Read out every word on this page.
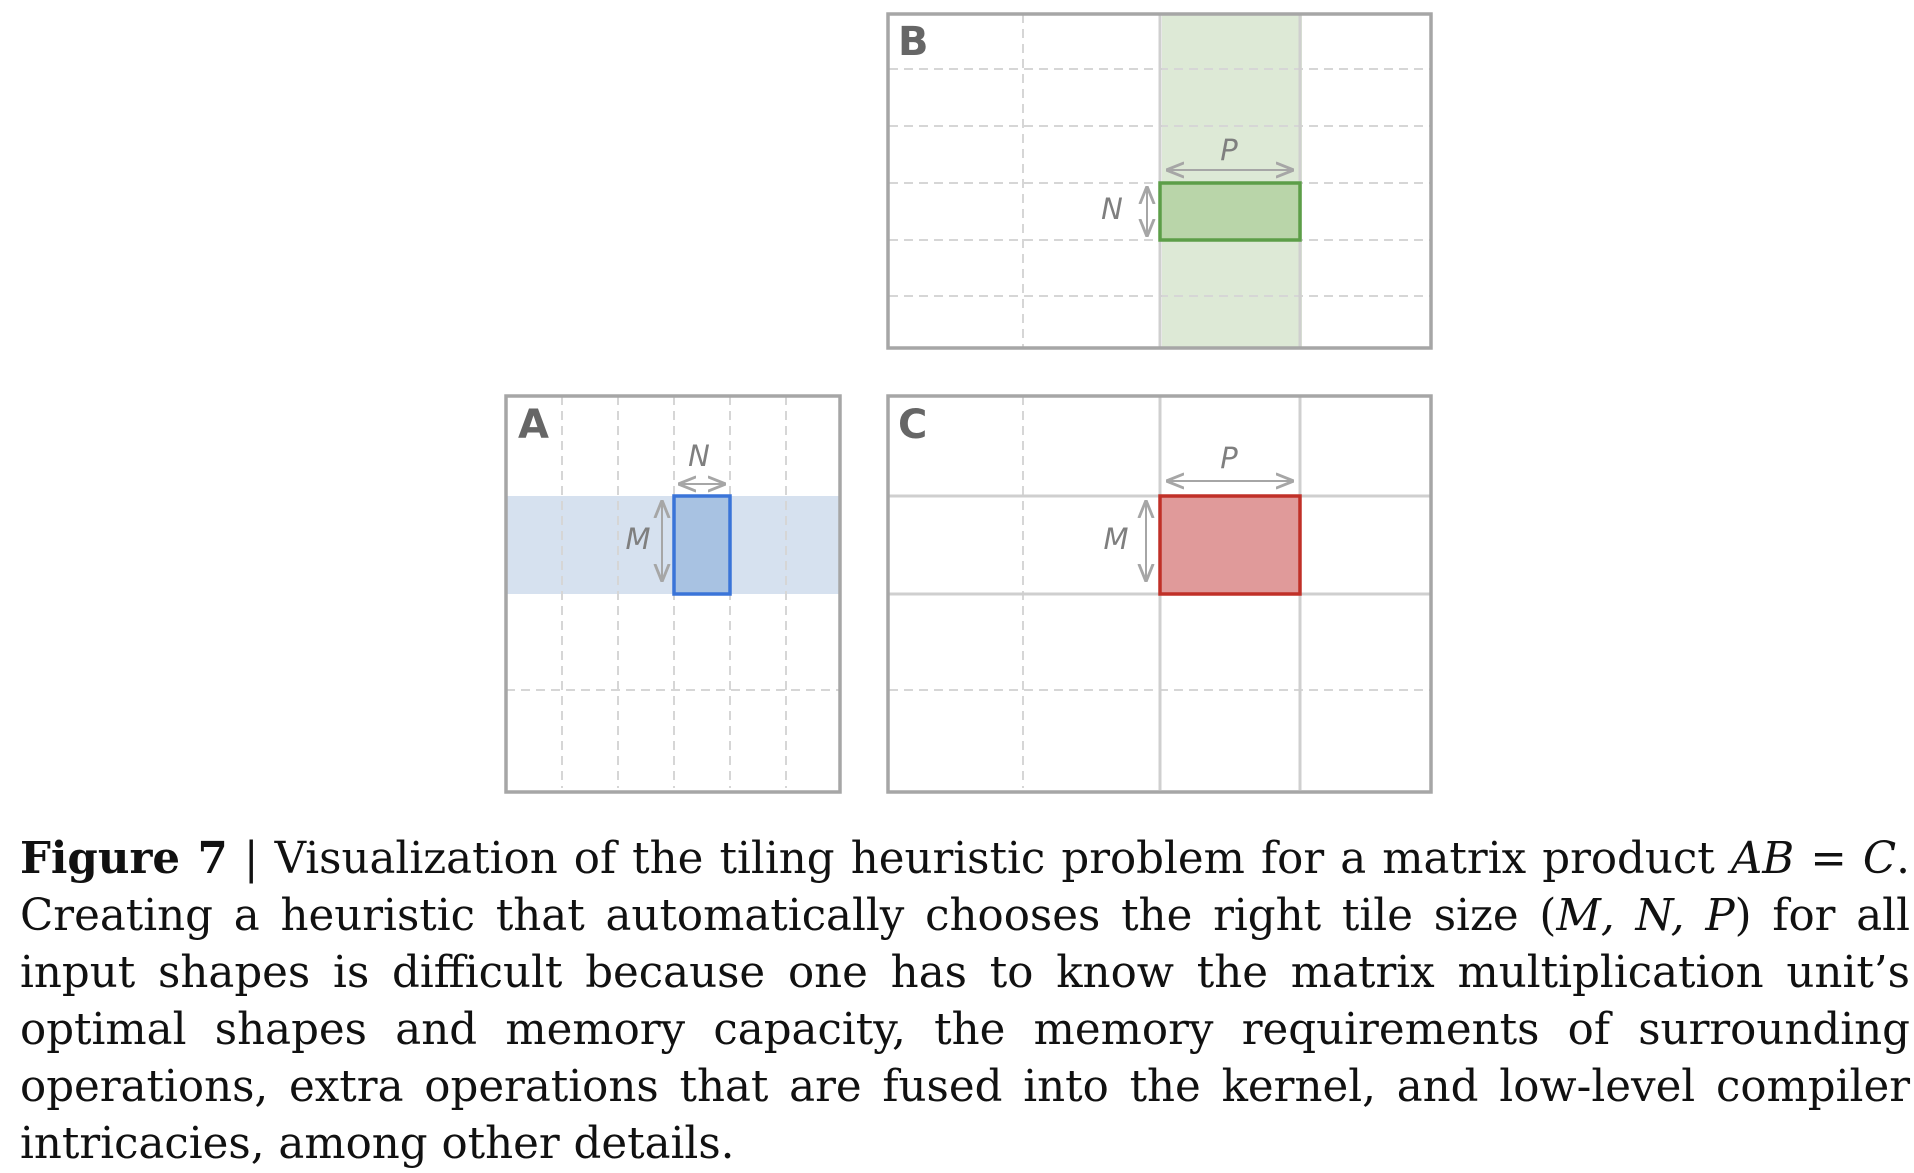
P
N
B
N
M
A
P
M
C

Figure 7 | Visualization of the tiling heuristic problem for a matrix product AB = C. Creating a heuristic that automatically chooses the right tile size (M, N, P) for all input shapes is difficult because one has to know the matrix multiplication unit’s optimal shapes and memory capacity, the memory requirements of surrounding operations, extra operations that are fused into the kernel, and low-level compiler intricacies, among other details.
